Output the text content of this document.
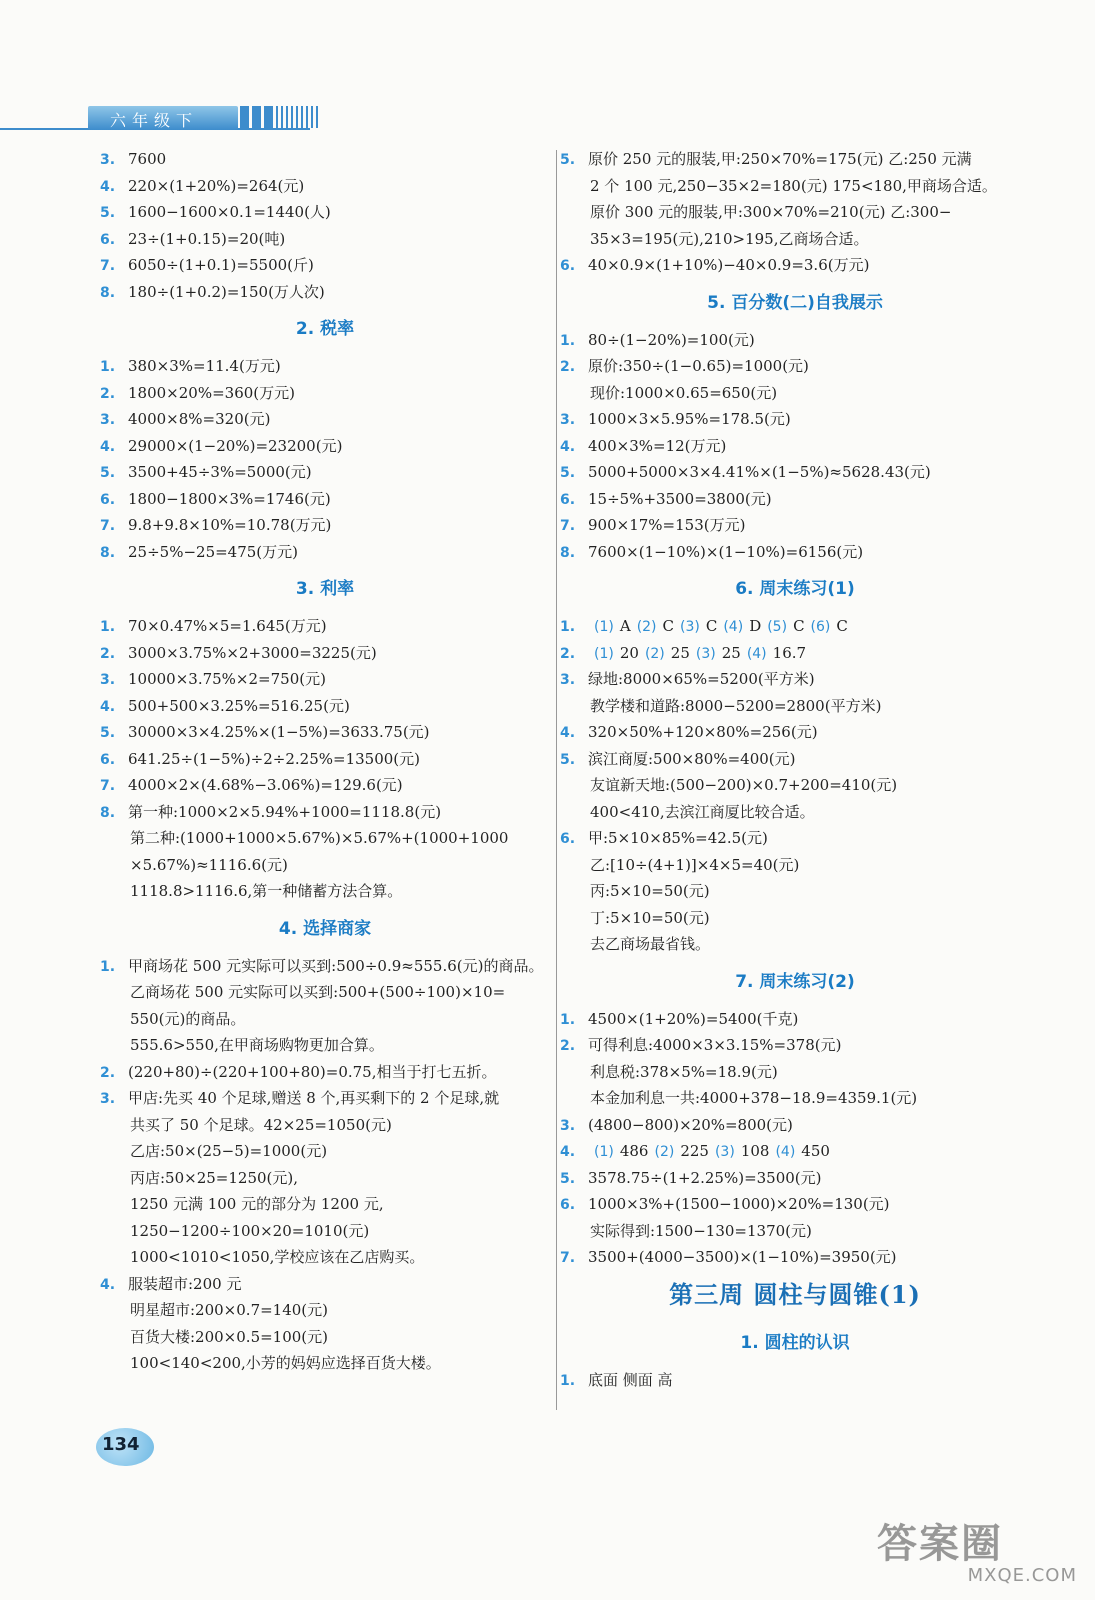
六年级下
3. 7600
4. 220×(1+20%)=264(元)
5. 1600−1600×0.1=1440(人)
6. 23÷(1+0.15)=20(吨)
7. 6050÷(1+0.1)=5500(斤)
8. 180÷(1+0.2)=150(万人次)
2. 税率
1. 380×3%=11.4(万元)
2. 1800×20%=360(万元)
3. 4000×8%=320(元)
4. 29000×(1−20%)=23200(元)
5. 3500+45÷3%=5000(元)
6. 1800−1800×3%=1746(元)
7. 9.8+9.8×10%=10.78(万元)
8. 25÷5%−25=475(万元)
3. 利率
1. 70×0.47%×5=1.645(万元)
2. 3000×3.75%×2+3000=3225(元)
3. 10000×3.75%×2=750(元)
4. 500+500×3.25%=516.25(元)
5. 30000×3×4.25%×(1−5%)=3633.75(元)
6. 641.25÷(1−5%)÷2÷2.25%=13500(元)
7. 4000×2×(4.68%−3.06%)=129.6(元)
8. 第一种:1000×2×5.94%+1000=1118.8(元)
第二种:(1000+1000×5.67%)×5.67%+(1000+1000
×5.67%)≈1116.6(元)
1118.8>1116.6,第一种储蓄方法合算。
4. 选择商家
1. 甲商场花 500 元实际可以买到:500÷0.9≈555.6(元)的商品。
乙商场花 500 元实际可以买到:500+(500÷100)×10=
550(元)的商品。
555.6>550,在甲商场购物更加合算。
2. (220+80)÷(220+100+80)=0.75,相当于打七五折。
3. 甲店:先买 40 个足球,赠送 8 个,再买剩下的 2 个足球,就
共买了 50 个足球。42×25=1050(元)
乙店:50×(25−5)=1000(元)
丙店:50×25=1250(元),
1250 元满 100 元的部分为 1200 元,
1250−1200÷100×20=1010(元)
1000<1010<1050,学校应该在乙店购买。
4. 服装超市:200 元
明星超市:200×0.7=140(元)
百货大楼:200×0.5=100(元)
100<140<200,小芳的妈妈应选择百货大楼。
5. 原价 250 元的服装,甲:250×70%=175(元) 乙:250 元满
2 个 100 元,250−35×2=180(元) 175<180,甲商场合适。
原价 300 元的服装,甲:300×70%=210(元) 乙:300−
35×3=195(元),210>195,乙商场合适。
6. 40×0.9×(1+10%)−40×0.9=3.6(万元)
5. 百分数(二)自我展示
1. 80÷(1−20%)=100(元)
2. 原价:350÷(1−0.65)=1000(元)
现价:1000×0.65=650(元)
3. 1000×3×5.95%=178.5(元)
4. 400×3%=12(万元)
5. 5000+5000×3×4.41%×(1−5%)≈5628.43(元)
6. 15÷5%+3500=3800(元)
7. 900×17%=153(万元)
8. 7600×(1−10%)×(1−10%)=6156(元)
6. 周末练习(1)
1. (1) A (2) C (3) C (4) D (5) C (6) C
2. (1) 20 (2) 25 (3) 25 (4) 16.7
3. 绿地:8000×65%=5200(平方米)
教学楼和道路:8000−5200=2800(平方米)
4. 320×50%+120×80%=256(元)
5. 滨江商厦:500×80%=400(元)
友谊新天地:(500−200)×0.7+200=410(元)
400<410,去滨江商厦比较合适。
6. 甲:5×10×85%=42.5(元)
乙:[10÷(4+1)]×4×5=40(元)
丙:5×10=50(元)
丁:5×10=50(元)
去乙商场最省钱。
7. 周末练习(2)
1. 4500×(1+20%)=5400(千克)
2. 可得利息:4000×3×3.15%=378(元)
利息税:378×5%=18.9(元)
本金加利息一共:4000+378−18.9=4359.1(元)
3. (4800−800)×20%=800(元)
4. (1) 486 (2) 225 (3) 108 (4) 450
5. 3578.75÷(1+2.25%)=3500(元)
6. 1000×3%+(1500−1000)×20%=130(元)
实际得到:1500−130=1370(元)
7. 3500+(4000−3500)×(1−10%)=3950(元)
第三周 圆柱与圆锥(1)
1. 圆柱的认识
1. 底面 侧面 高
134
答案圈
MXQE.COM
